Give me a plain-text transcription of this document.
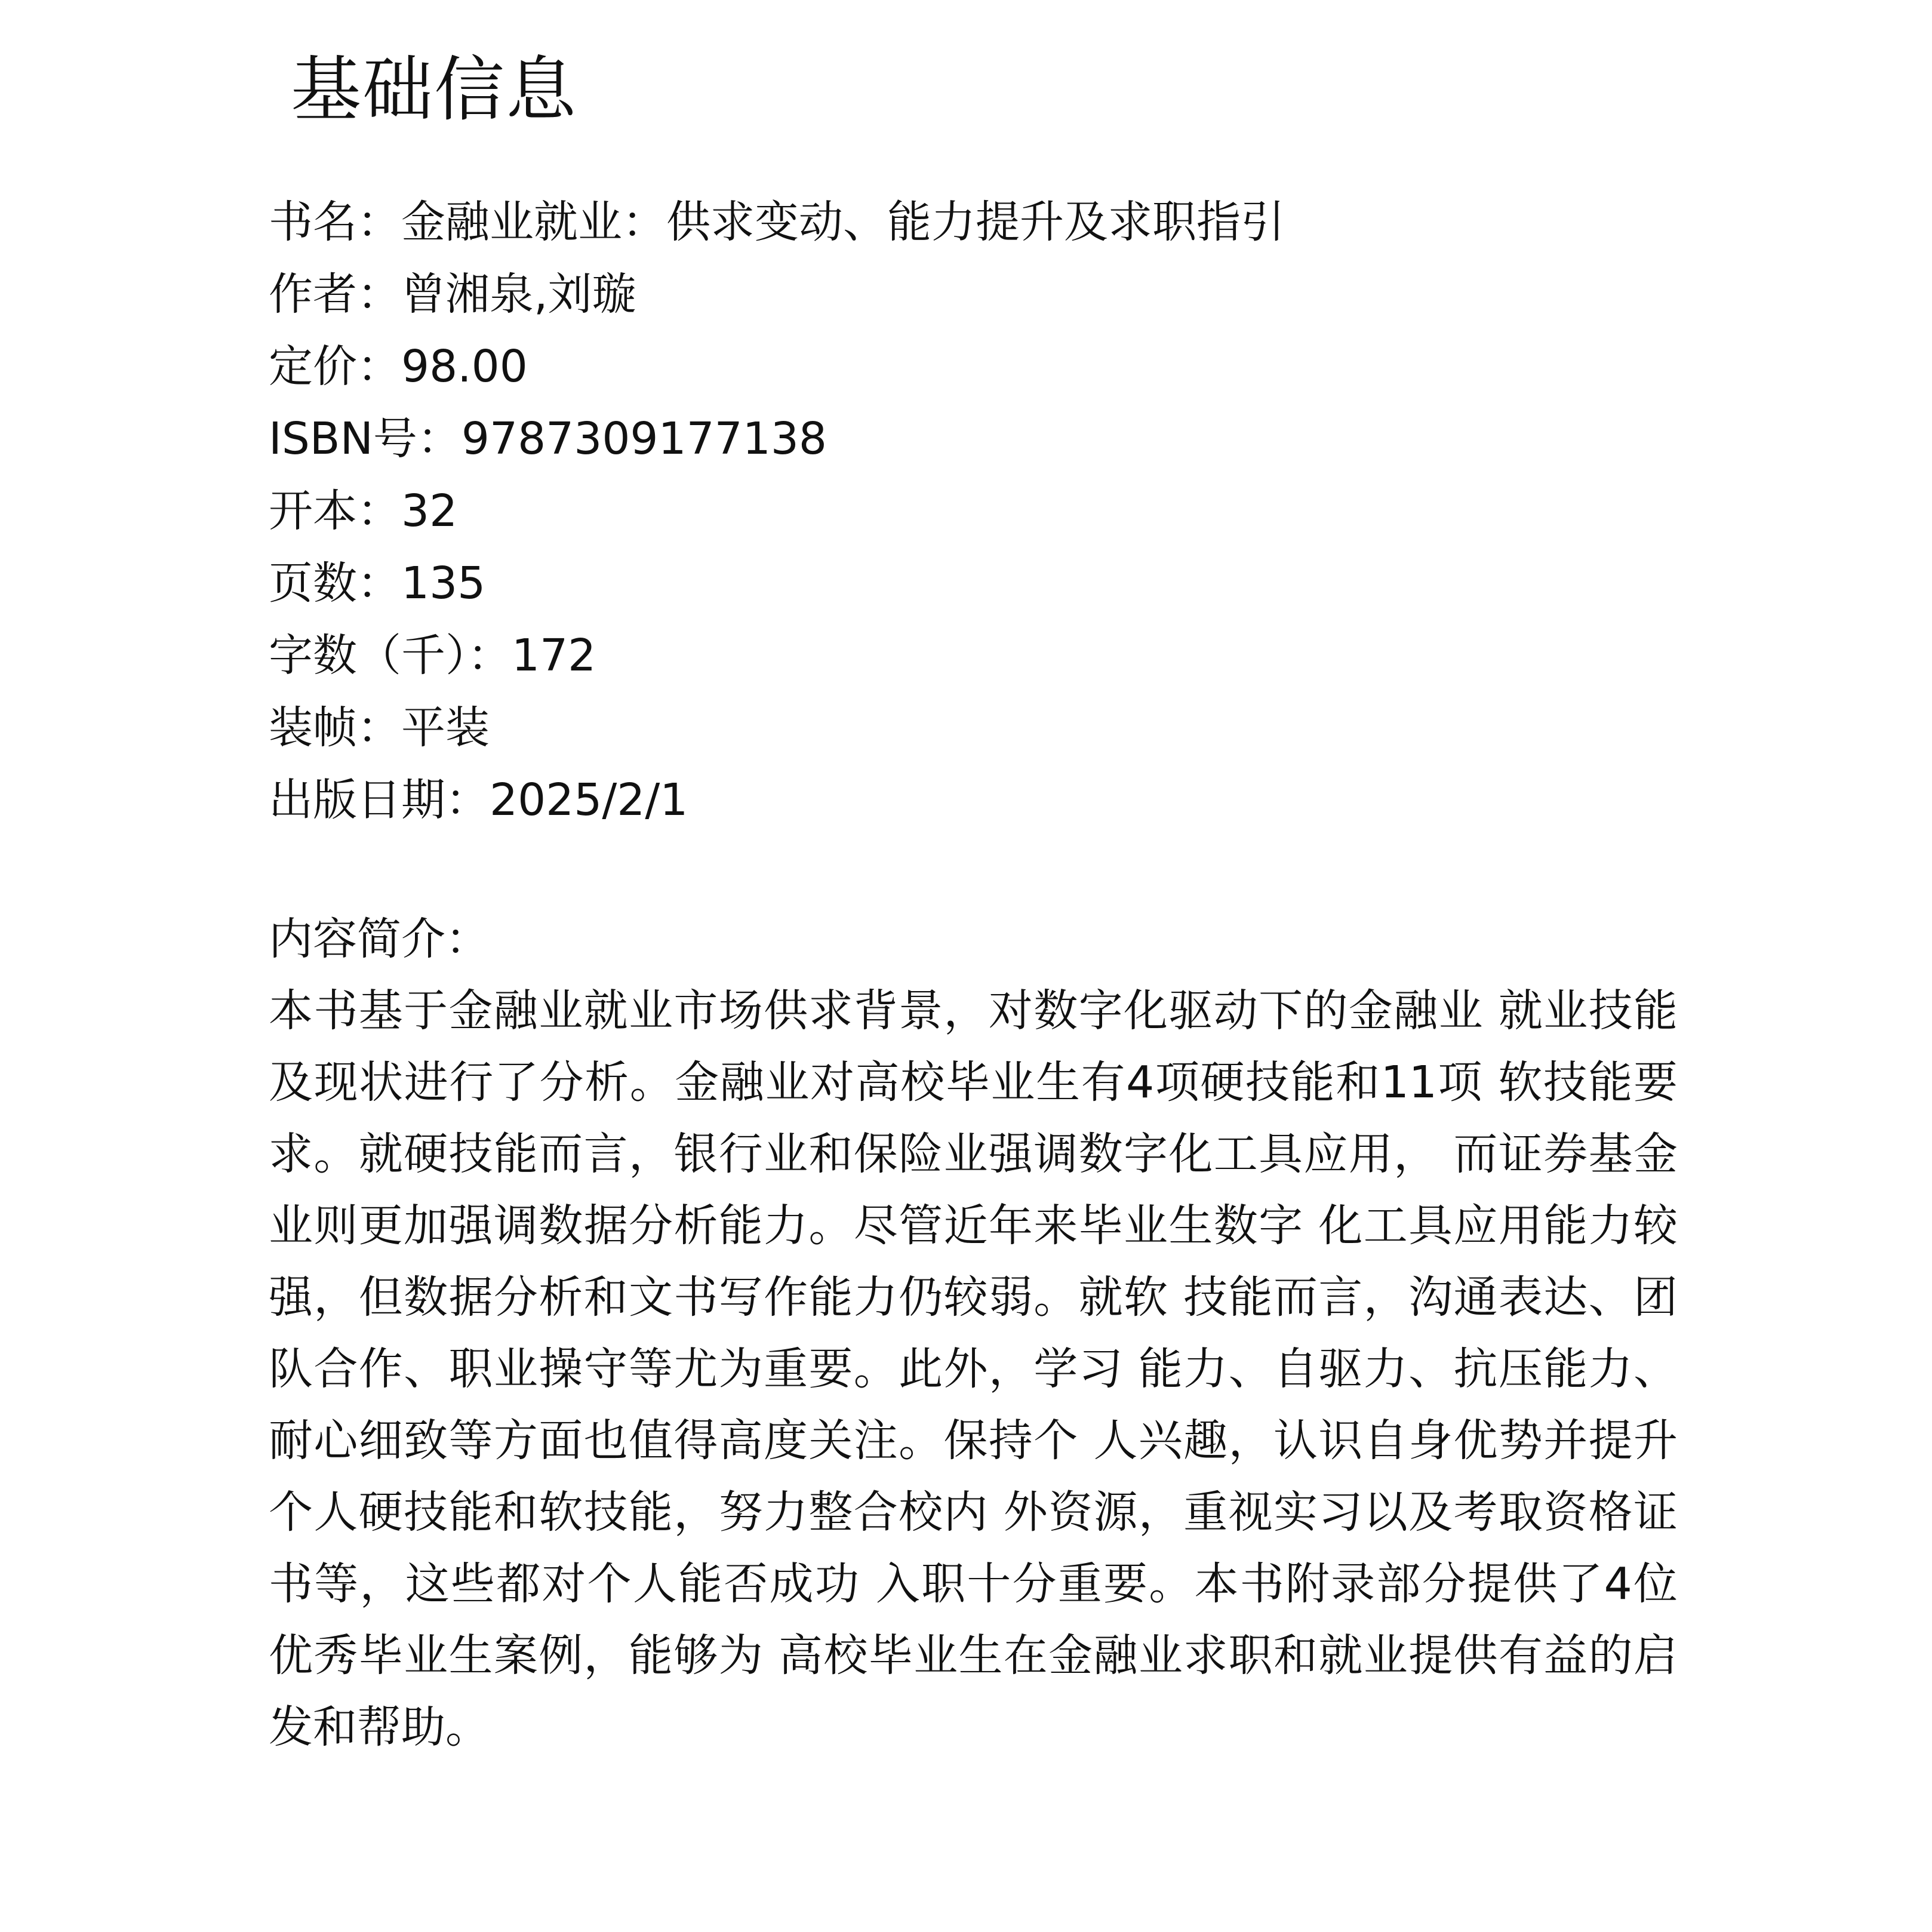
基础信息
书名：金融业就业：供求变动、能力提升及求职指引
作者：曾湘泉,刘璇
定价：98.00
ISBN号：9787309177138
开本：32
页数：135
字数（千）：172
装帧：平装
出版日期：2025/2/1
内容简介：

本书基于金融业就业市场供求背景，对数字化驱动下的金融业 就业技能及现状进行了分析。金融业对高校毕业生有4项硬技能和11项 软技能要求。就硬技能而言，银行业和保险业强调数字化工具应用， 而证券基金业则更加强调数据分析能力。尽管近年来毕业生数字 化工具应用能力较强，但数据分析和文书写作能力仍较弱。就软 技能而言，沟通表达、团队合作、职业操守等尤为重要。此外，学习 能力、自驱力、抗压能力、耐心细致等方面也值得高度关注。保持个 人兴趣，认识自身优势并提升个人硬技能和软技能，努力整合校内 外资源，重视实习以及考取资格证书等，这些都对个人能否成功 入职十分重要。本书附录部分提供了4位优秀毕业生案例，能够为 高校毕业生在金融业求职和就业提供有益的启发和帮助。
